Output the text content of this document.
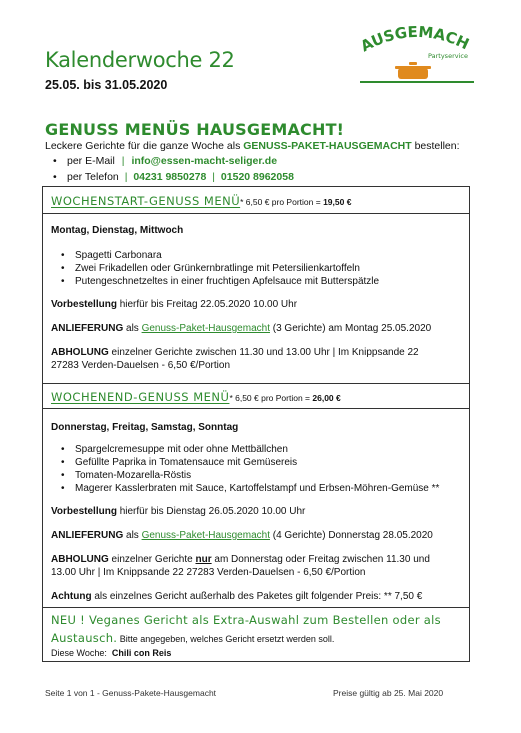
Kalenderwoche 22
25.05. bis 31.05.2020
AUSGEMACH
Partyservice
GENUSS MENÜS HAUSGEMACHT!
Leckere Gerichte für die ganze Woche als GENUSS-PAKET-HAUSGEMACHT bestellen:
• per E-Mail | info@essen-macht-seliger.de
• per Telefon | 04231 9850278 | 01520 8962058
WOCHENSTART-GENUSS MENÜ* 6,50 € pro Portion = 19,50 €
Montag, Dienstag, Mittwoch
• Spagetti Carbonara
• Zwei Frikadellen oder Grünkernbratlinge mit Petersilienkartoffeln
• Putengeschnetzeltes in einer fruchtigen Apfelsauce mit Butterspätzle
Vorbestellung hierfür bis Freitag 22.05.2020 10.00 Uhr
ANLIEFERUNG als Genuss-Paket-Hausgemacht (3 Gerichte) am Montag 25.05.2020
ABHOLUNG einzelner Gerichte zwischen 11.30 und 13.00 Uhr | Im Knippsande 22
27283 Verden-Dauelsen - 6,50 €/Portion
WOCHENEND-GENUSS MENÜ* 6,50 € pro Portion = 26,00 €
Donnerstag, Freitag, Samstag, Sonntag
• Spargelcremesuppe mit oder ohne Mettbällchen
• Gefüllte Paprika in Tomatensauce mit Gemüsereis
• Tomaten-Mozarella-Röstis
• Magerer Kasslerbraten mit Sauce, Kartoffelstampf und Erbsen-Möhren-Gemüse **
Vorbestellung hierfür bis Dienstag 26.05.2020 10.00 Uhr
ANLIEFERUNG als Genuss-Paket-Hausgemacht (4 Gerichte) Donnerstag 28.05.2020
ABHOLUNG einzelner Gerichte nur am Donnerstag oder Freitag zwischen 11.30 und
13.00 Uhr | Im Knippsande 22 27283 Verden-Dauelsen - 6,50 €/Portion
Achtung als einzelnes Gericht außerhalb des Paketes gilt folgender Preis: ** 7,50 €
NEU ! Veganes Gericht als Extra-Auswahl zum Bestellen oder als
Austausch. Bitte angegeben, welches Gericht ersetzt werden soll.
Diese Woche: Chili con Reis
Seite 1 von 1 - Genuss-Pakete-Hausgemacht	Preise gültig ab 25. Mai 2020
